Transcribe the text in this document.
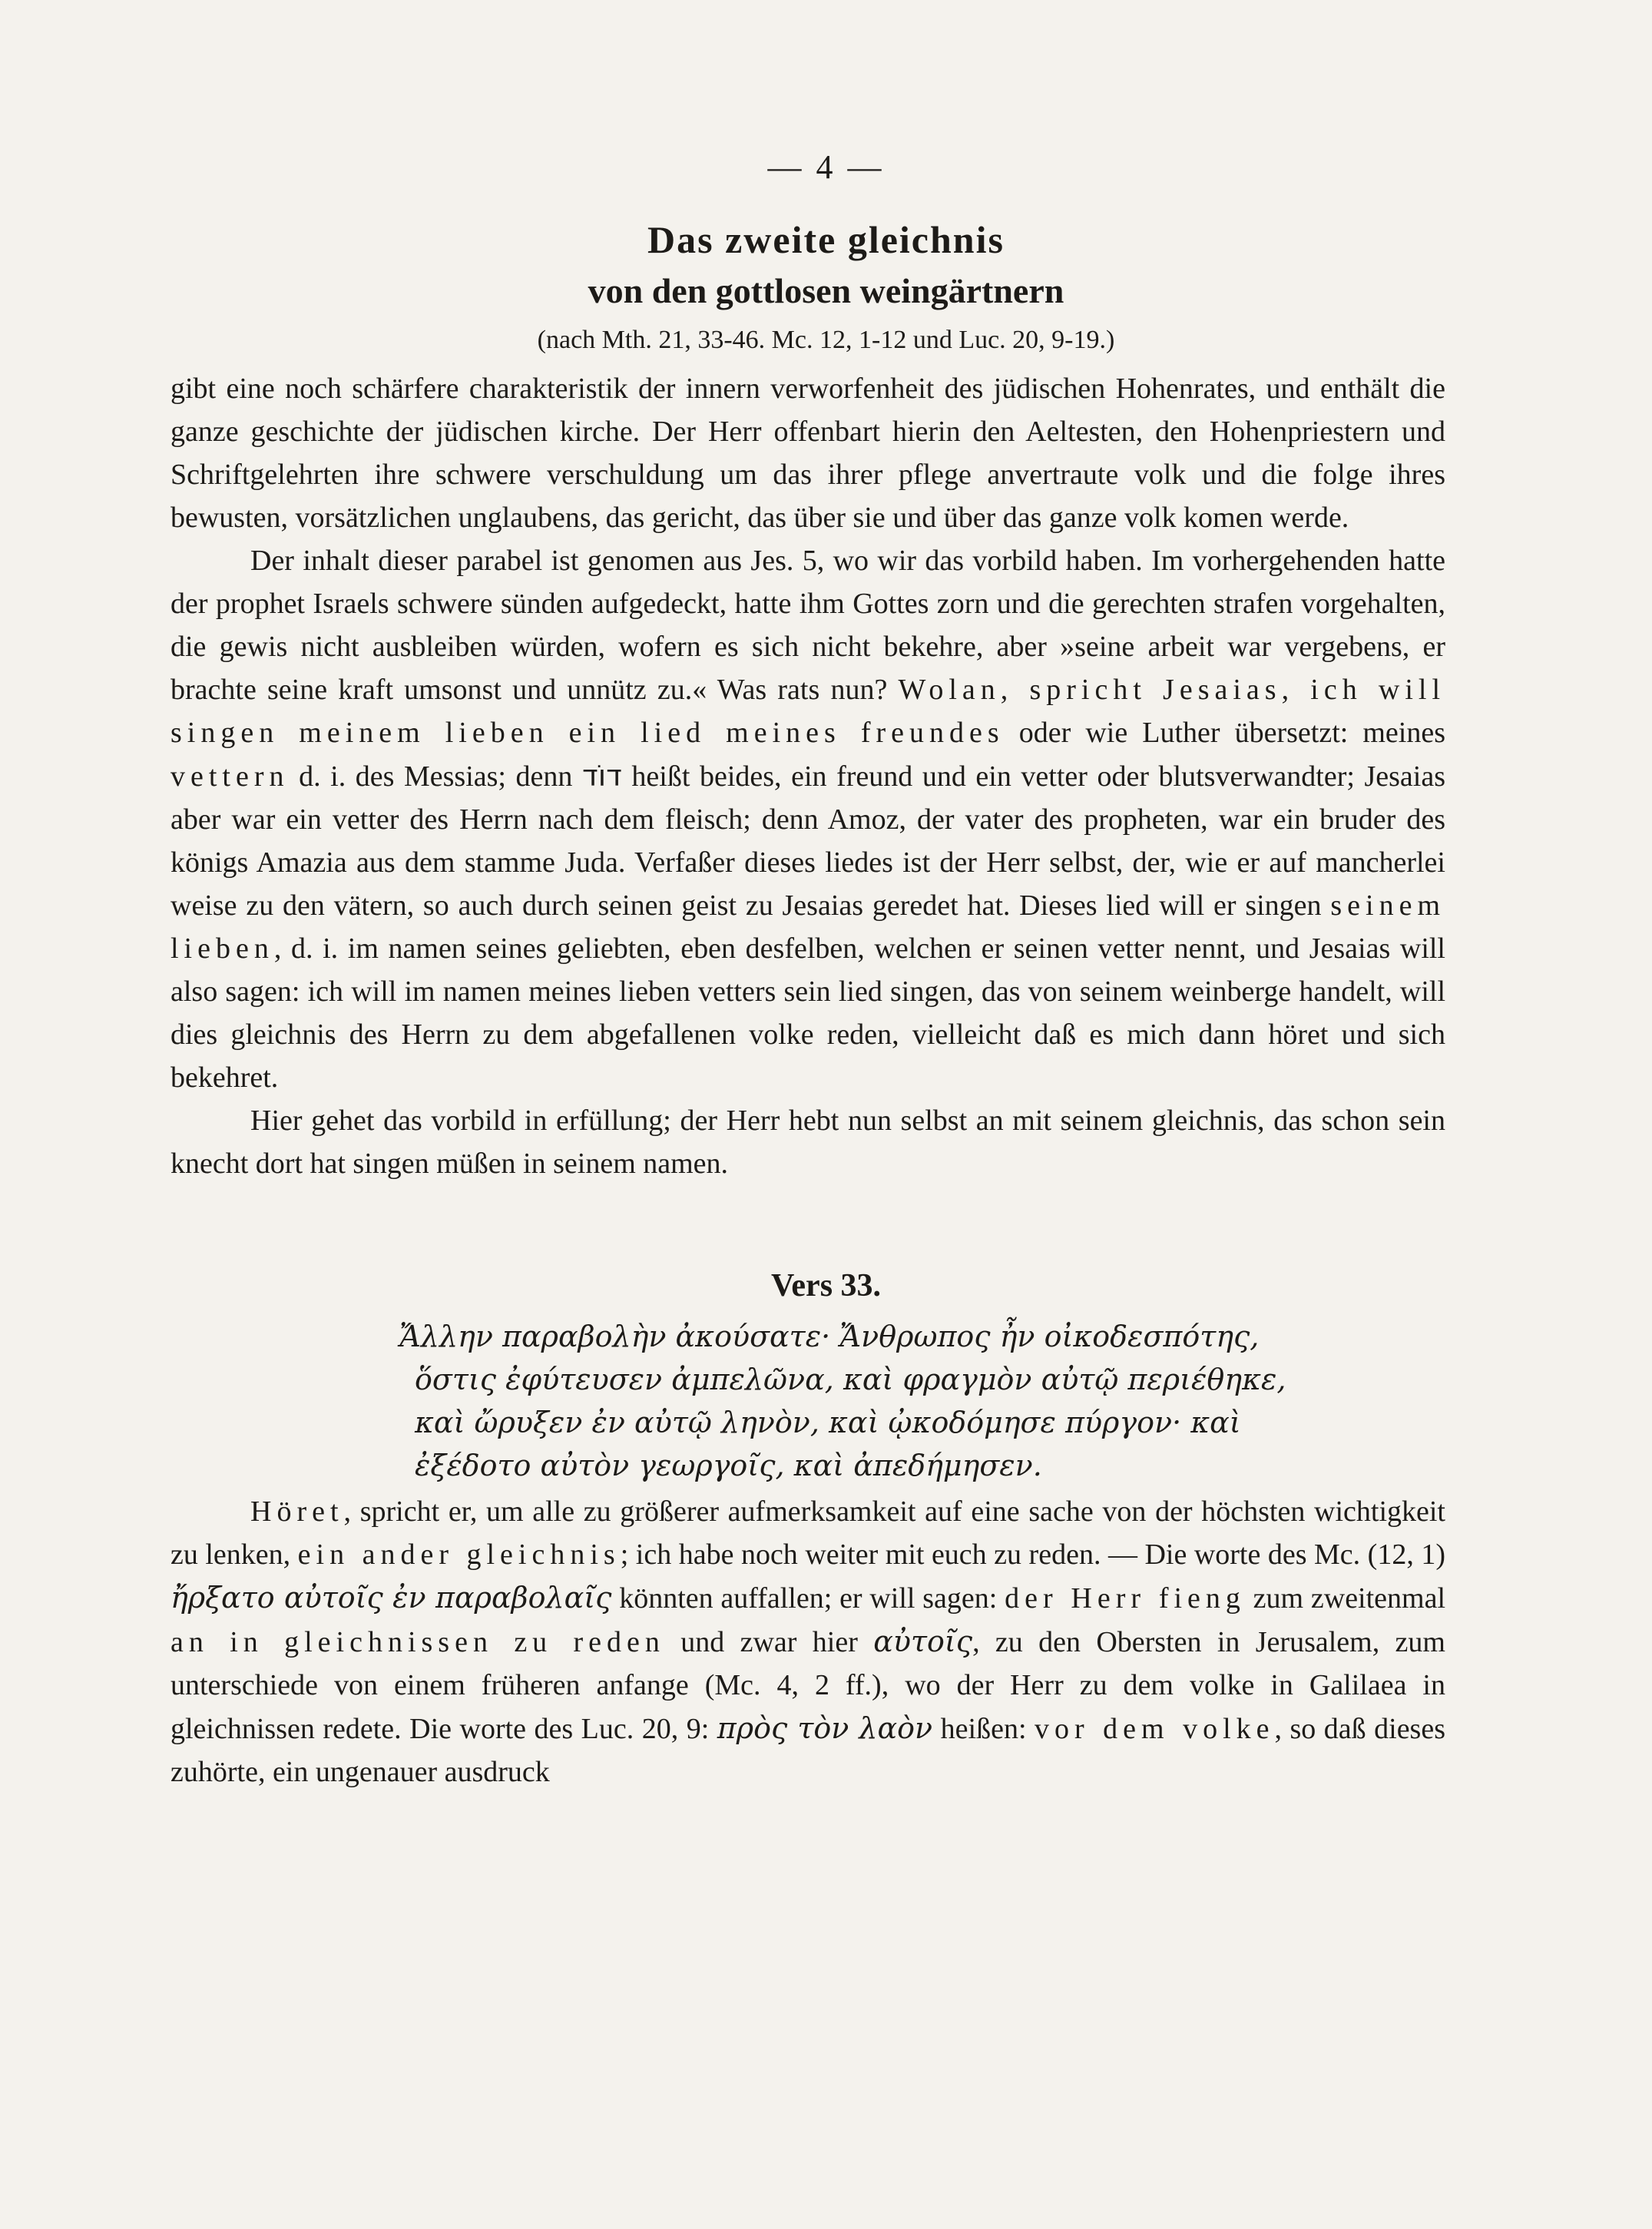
— 4 —
Das zweite gleichnis
von den gottlosen weingärtnern
(nach Mth. 21, 33-46. Mc. 12, 1-12 und Luc. 20, 9-19.)

gibt eine noch schärfere charakteristik der innern verworfenheit des jüdischen Hohenrates, und enthält die ganze geschichte der jüdischen kirche. Der Herr offenbart hierin den Aeltesten, den Hohenpriestern und Schriftgelehrten ihre schwere verschuldung um das ihrer pflege anvertraute volk und die folge ihres bewusten, vorsätzlichen unglaubens, das gericht, das über sie und über das ganze volk komen werde.

Der inhalt dieser parabel ist genomen aus Jes. 5, wo wir das vorbild haben. Im vorhergehenden hatte der prophet Israels schwere sünden aufgedeckt, hatte ihm Gottes zorn und die gerechten strafen vorgehalten, die gewis nicht ausbleiben würden, wofern es sich nicht bekehre, aber »seine arbeit war vergebens, er brachte seine kraft umsonst und unnütz zu.« Was rats nun? Wolan, spricht Jesaias, ich will singen meinem lieben ein lied meines freundes oder wie Luther übersetzt: meines vettern d. i. des Messias; denn דוֹד heißt beides, ein freund und ein vetter oder blutsverwandter; Jesaias aber war ein vetter des Herrn nach dem fleisch; denn Amoz, der vater des propheten, war ein bruder des königs Amazia aus dem stamme Juda. Verfaßer dieses liedes ist der Herr selbst, der, wie er auf mancherlei weise zu den vätern, so auch durch seinen geist zu Jesaias geredet hat. Dieses lied will er singen seinem lieben, d. i. im namen seines geliebten, eben desfelben, welchen er seinen vetter nennt, und Jesaias will also sagen: ich will im namen meines lieben vetters sein lied singen, das von seinem weinberge handelt, will dies gleichnis des Herrn zu dem abgefallenen volke reden, vielleicht daß es mich dann höret und sich bekehret.

Hier gehet das vorbild in erfüllung; der Herr hebt nun selbst an mit seinem gleichnis, das schon sein knecht dort hat singen müßen in seinem namen.

Vers 33.
Ἄλλην παραβολὴν ἀκούσατε· Ἄνθρωπος ἦν οἰκοδεσπότης,
ὅστις ἐφύτευσεν ἀμπελῶνα, καὶ φραγμὸν αὐτῷ περιέθηκε,
καὶ ὤρυξεν ἐν αὐτῷ ληνὸν, καὶ ᾠκοδόμησε πύργον· καὶ
ἐξέδοτο αὐτὸν γεωργοῖς, καὶ ἀπεδήμησεν.

Höret, spricht er, um alle zu größerer aufmerksamkeit auf eine sache von der höchsten wichtigkeit zu lenken, ein ander gleichnis; ich habe noch weiter mit euch zu reden. — Die worte des Mc. (12, 1) ἤρξατο αὐτοῖς ἐν παραβολαῖς könnten auffallen; er will sagen: der Herr fieng zum zweitenmal an in gleichnissen zu reden und zwar hier αὐτοῖς, zu den Obersten in Jerusalem, zum unterschiede von einem früheren anfange (Mc. 4, 2 ff.), wo der Herr zu dem volke in Galilaea in gleichnissen redete. Die worte des Luc. 20, 9: πρὸς τὸν λαὸν heißen: vor dem volke, so daß dieses zuhörte, ein ungenauer ausdruck
